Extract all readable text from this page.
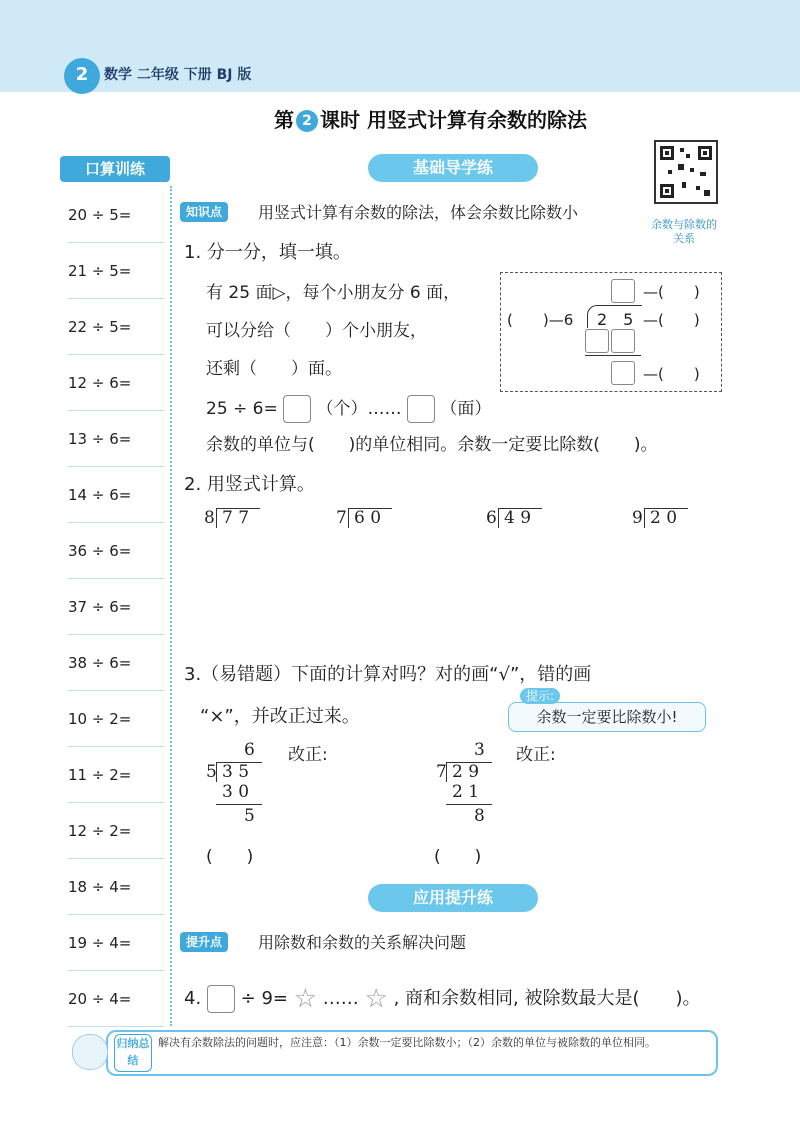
2	数学 二年级 下册 BJ 版
第 2 课时 用竖式计算有余数的除法
口算训练
20 ÷ 5=
21 ÷ 5=
22 ÷ 5=
12 ÷ 6=
13 ÷ 6=
14 ÷ 6=
36 ÷ 6=
37 ÷ 6=
38 ÷ 6=
10 ÷ 2=
11 ÷ 2=
12 ÷ 2=
18 ÷ 4=
19 ÷ 4=
20 ÷ 4=
基础导学练
知识点	用竖式计算有余数的除法，体会余数比除数小
余数与除数的关系
1. 分一分，填一填。
有 25 面▷，每个小朋友分 6 面，
可以分给（　　）个小朋友，
还剩（　　）面。
25 ÷ 6= （个）…… （面）
余数的单位与(　　)的单位相同。余数一定要比除数(　　)。
—(　　)
(　　)—6 2　5 —(　　)
—(　　)
2. 用竖式计算。
8 7 7	7 6 0	6 4 9	9 2 0
3.（易错题）下面的计算对吗？对的画“√”，错的画
“×”，并改正过来。	余数一定要比除数小!
提示:
6
5 3 5
3 0
5
改正:
(　　)
3
7 2 9
2 1
8
改正:
(　　)
应用提升练
提升点	用除数和余数的关系解决问题
4. ÷ 9= ☆ …… ☆ , 商和余数相同, 被除数最大是(　　)。
归纳总结
解决有余数除法的问题时，应注意：（1）余数一定要比除数小；（2）余数的单位与被除数的单位相同。
